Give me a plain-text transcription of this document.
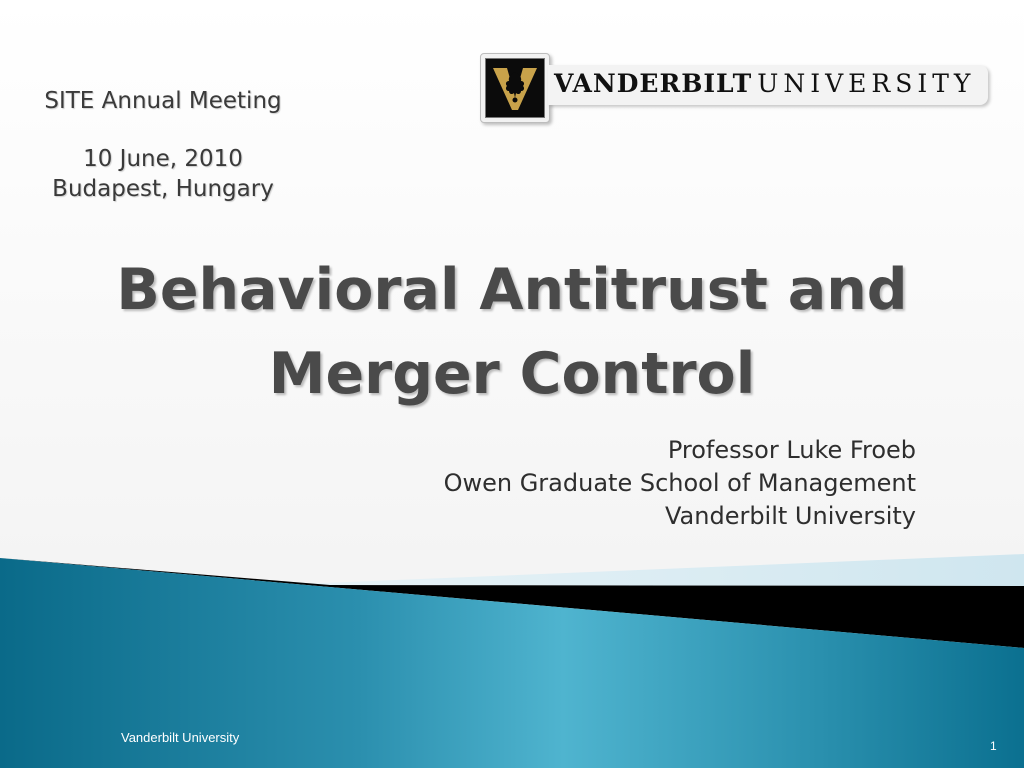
SITE Annual Meeting
10 June, 2010
Budapest, Hungary
VANDERBILT UNIVERSITY
Behavioral Antitrust and
Merger Control
Professor Luke Froeb
Owen Graduate School of Management
Vanderbilt University
Vanderbilt University
1
